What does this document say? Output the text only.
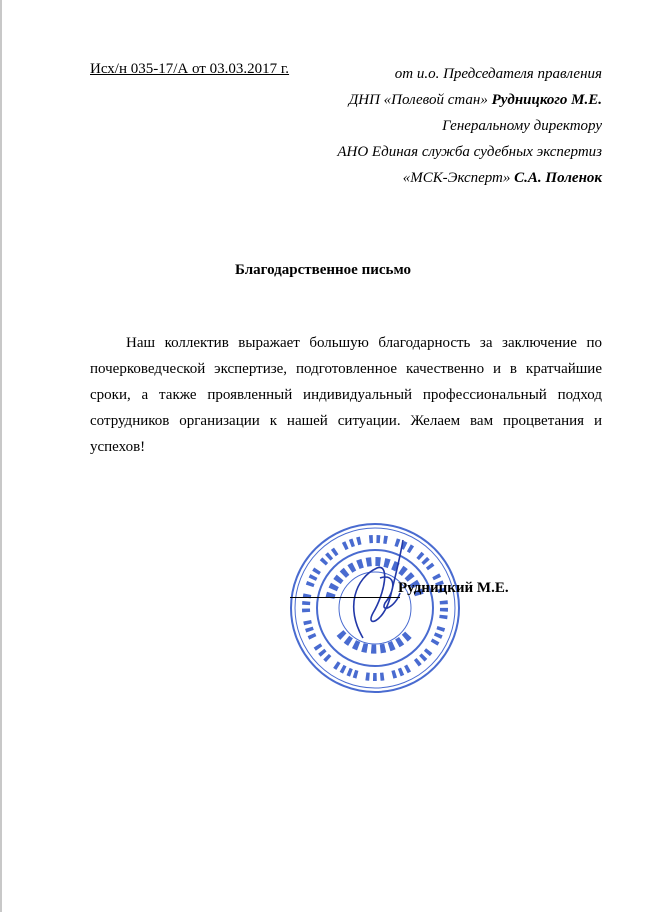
Исх/н 035-17/А от 03.03.2017 г.	от и.о. Председателя правления
ДНП «Полевой стан» Рудницкого М.Е.
Генеральному директору
АНО Единая служба судебных экспертиз
«МСК-Эксперт» С.А. Поленок
Благодарственное письмо
Наш коллектив выражает большую благодарность за заключение по почерковедческой экспертизе, подготовленное качественно и в кратчайшие сроки, а также проявленный индивидуальный профессиональный подход сотрудников организации к нашей ситуации. Желаем вам процветания и успехов!
Рудницкий М.Е.
